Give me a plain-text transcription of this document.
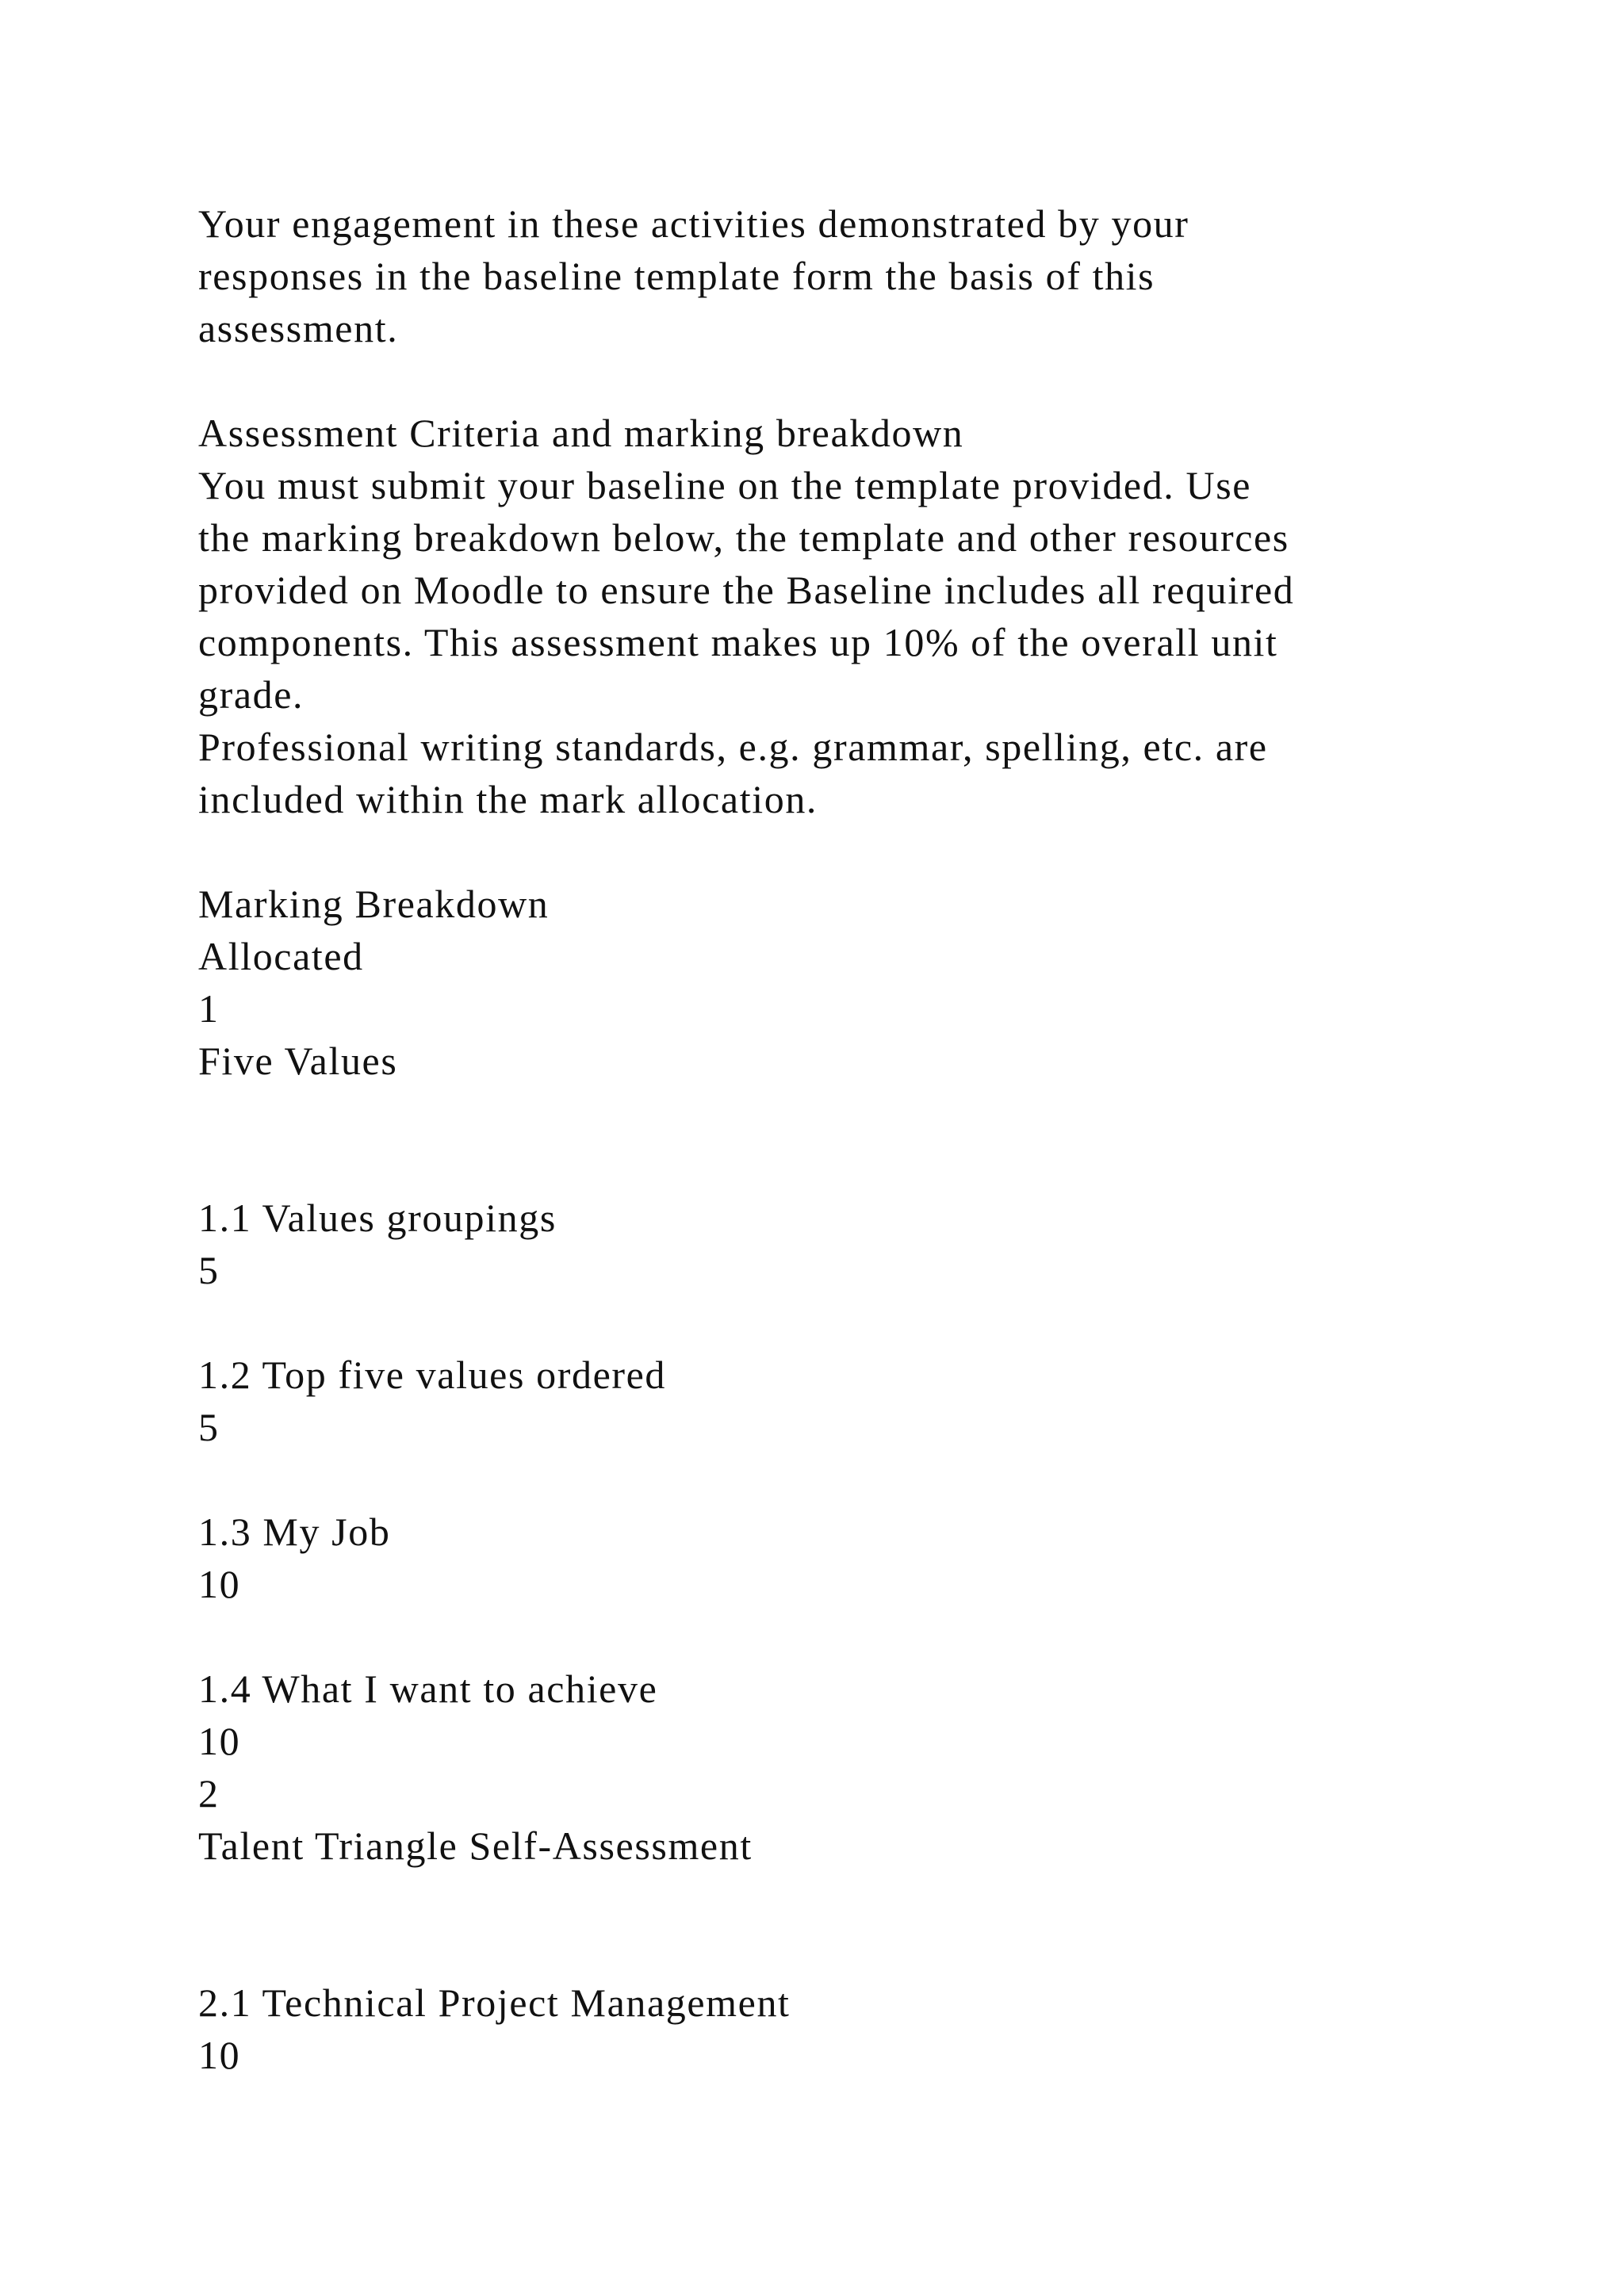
Your engagement in these activities demonstrated by your
responses in the baseline template form the basis of this
assessment.
Assessment Criteria and marking breakdown
You must submit your baseline on the template provided. Use
the marking breakdown below, the template and other resources
provided on Moodle to ensure the Baseline includes all required
components. This assessment makes up 10% of the overall unit
grade.
Professional writing standards, e.g. grammar, spelling, etc. are
included within the mark allocation.
Marking Breakdown
Allocated
1
Five Values
1.1 Values groupings
5
1.2 Top five values ordered
5
1.3 My Job
10
1.4 What I want to achieve
10
2
Talent Triangle Self-Assessment
2.1 Technical Project Management
10
